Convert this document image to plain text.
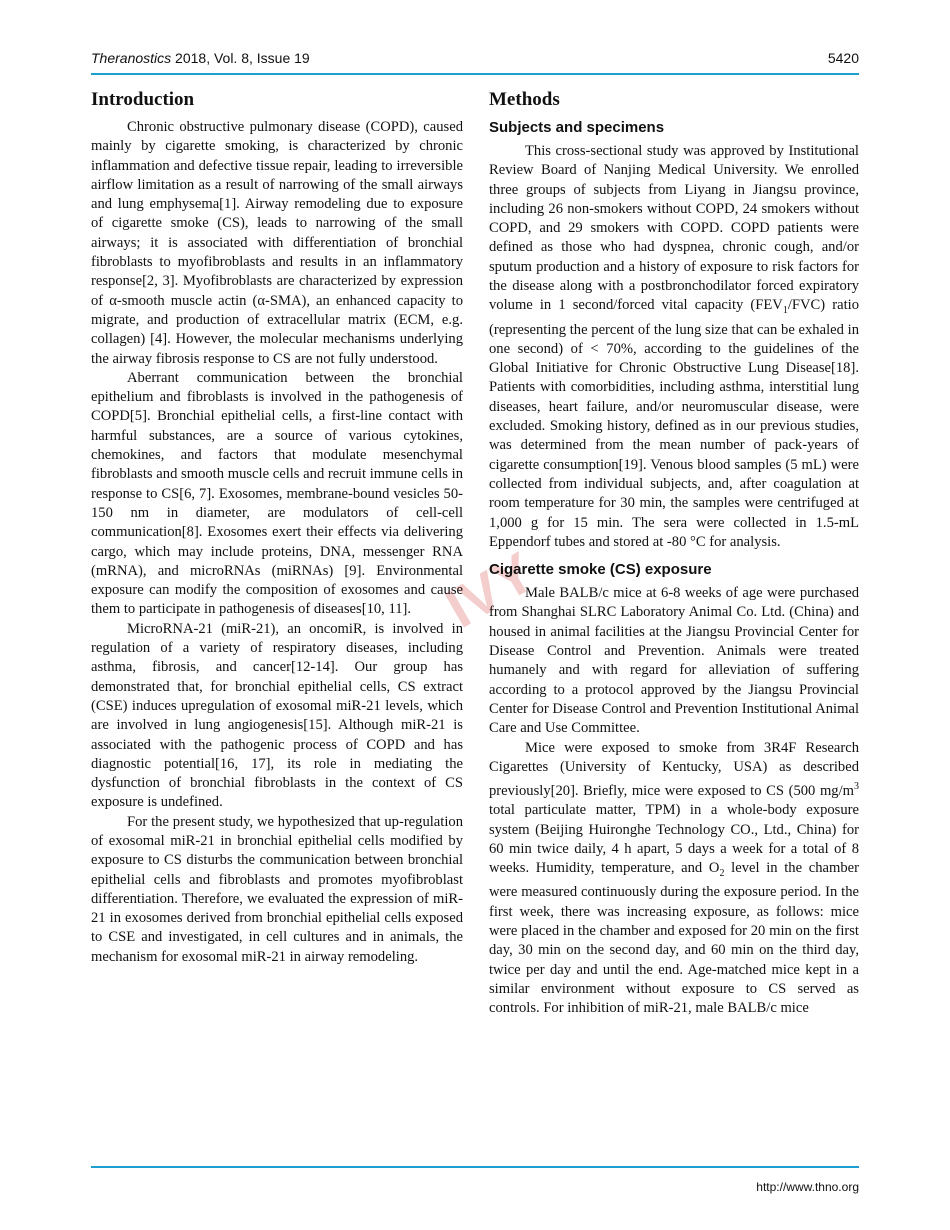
Theranostics 2018, Vol. 8, Issue 19	5420
IVY
Introduction

Chronic obstructive pulmonary disease (COPD), caused mainly by cigarette smoking, is characterized by chronic inflammation and defective tissue repair, leading to irreversible airflow limitation as a result of narrowing of the small airways and lung emphysema[1]. Airway remodeling due to exposure of cigarette smoke (CS), leads to narrowing of the small airways; it is associated with differentiation of bronchial fibroblasts to myofibroblasts and results in an inflammatory response[2, 3]. Myofibroblasts are characterized by expression of α-smooth muscle actin (α-SMA), an enhanced capacity to migrate, and production of extracellular matrix (ECM, e.g. collagen) [4]. However, the molecular mechanisms underlying the airway fibrosis response to CS are not fully understood.

Aberrant communication between the bronchial epithelium and fibroblasts is involved in the pathogenesis of COPD[5]. Bronchial epithelial cells, a first-line contact with harmful substances, are a source of various cytokines, chemokines, and factors that modulate mesenchymal fibroblasts and smooth muscle cells and recruit immune cells in response to CS[6, 7]. Exosomes, membrane-bound vesicles 50-150 nm in diameter, are modulators of cell-cell communication[8]. Exosomes exert their effects via delivering cargo, which may include proteins, DNA, messenger RNA (mRNA), and microRNAs (miRNAs) [9]. Environmental exposure can modify the composition of exosomes and cause them to participate in pathogenesis of diseases[10, 11].

MicroRNA-21 (miR-21), an oncomiR, is involved in regulation of a variety of respiratory diseases, including asthma, fibrosis, and cancer[12-14]. Our group has demonstrated that, for bronchial epithelial cells, CS extract (CSE) induces upregulation of exosomal miR-21 levels, which are involved in lung angiogenesis[15]. Although miR-21 is associated with the pathogenic process of COPD and has diagnostic potential[16, 17], its role in mediating the dysfunction of bronchial fibroblasts in the context of CS exposure is undefined.

For the present study, we hypothesized that up-regulation of exosomal miR-21 in bronchial epithelial cells modified by exposure to CS disturbs the communication between bronchial epithelial cells and fibroblasts and promotes myofibroblast differentiation. Therefore, we evaluated the expression of miR-21 in exosomes derived from bronchial epithelial cells exposed to CSE and investigated, in cell cultures and in animals, the mechanism for exosomal miR-21 in airway remodeling.

Methods
Subjects and specimens

This cross-sectional study was approved by Institutional Review Board of Nanjing Medical University. We enrolled three groups of subjects from Liyang in Jiangsu province, including 26 non-smokers without COPD, 24 smokers without COPD, and 29 smokers with COPD. COPD patients were defined as those who had dyspnea, chronic cough, and/or sputum production and a history of exposure to risk factors for the disease along with a postbronchodilator forced expiratory volume in 1 second/forced vital capacity $(FEV_1/FVC)$ ratio (representing the percent of the lung size that can be exhaled in one second) of < 70%, according to the guidelines of the Global Initiative for Chronic Obstructive Lung Disease[18]. Patients with comorbidities, including asthma, interstitial lung diseases, heart failure, and/or neuromuscular disease, were excluded. Smoking history, defined as in our previous studies, was determined from the mean number of pack-years of cigarette consumption[19]. Venous blood samples (5 mL) were collected from individual subjects, and, after coagulation at room temperature for 30 min, the samples were centrifuged at 1,000 g for 15 min. The sera were collected in 1.5-mL Eppendorf tubes and stored at -80 °C for analysis.

Cigarette smoke (CS) exposure

Male BALB/c mice at 6-8 weeks of age were purchased from Shanghai SLRC Laboratory Animal Co. Ltd. (China) and housed in animal facilities at the Jiangsu Provincial Center for Disease Control and Prevention. Animals were treated humanely and with regard for alleviation of suffering according to a protocol approved by the Jiangsu Provincial Center for Disease Control and Prevention Institutional Animal Care and Use Committee.

Mice were exposed to smoke from 3R4F Research Cigarettes (University of Kentucky, USA) as described previously[20]. Briefly, mice were exposed to CS (500 $mg/m^3$ total particulate matter, TPM) in a whole-body exposure system (Beijing Huironghe Technology CO., Ltd., China) for 60 min twice daily, 4 h apart, 5 days a week for a total of 8 weeks. Humidity, temperature, and $O_2$ level in the chamber were measured continuously during the exposure period. In the first week, there was increasing exposure, as follows: mice were placed in the chamber and exposed for 20 min on the first day, 30 min on the second day, and 60 min on the third day, twice per day and until the end. Age-matched mice kept in a similar environment without exposure to CS served as controls. For inhibition of miR-21, male BALB/c mice

http://www.thno.org
